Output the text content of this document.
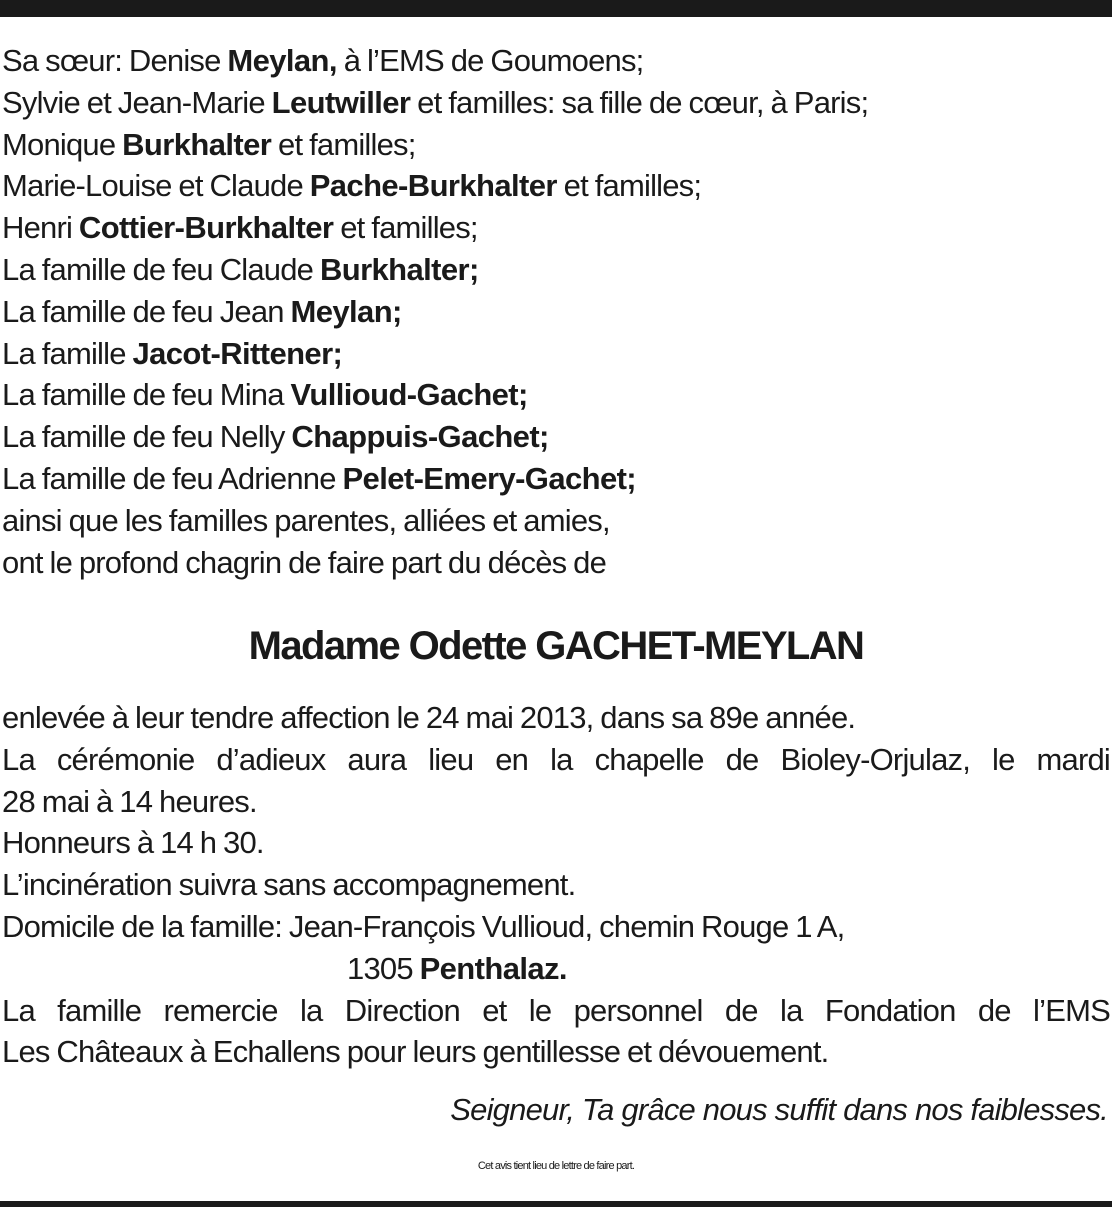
Sa sœur: Denise Meylan, à l’EMS de Goumoens;
Sylvie et Jean-Marie Leutwiller et familles: sa fille de cœur, à Paris;
Monique Burkhalter et familles;
Marie-Louise et Claude Pache-Burkhalter et familles;
Henri Cottier-Burkhalter et familles;
La famille de feu Claude Burkhalter;
La famille de feu Jean Meylan;
La famille Jacot-Rittener;
La famille de feu Mina Vullioud-Gachet;
La famille de feu Nelly Chappuis-Gachet;
La famille de feu Adrienne Pelet-Emery-Gachet;
ainsi que les familles parentes, alliées et amies,
ont le profond chagrin de faire part du décès de
Madame Odette GACHET-MEYLAN
enlevée à leur tendre affection le 24 mai 2013, dans sa 89e année.
La cérémonie d’adieux aura lieu en la chapelle de Bioley-Orjulaz, le mardi
28 mai à 14 heures.
Honneurs à 14 h 30.
L’incinération suivra sans accompagnement.
Domicile de la famille: Jean-François Vullioud, chemin Rouge 1 A,
1305 Penthalaz.
La famille remercie la Direction et le personnel de la Fondation de l’EMS
Les Châteaux à Echallens pour leurs gentillesse et dévouement.

Seigneur, Ta grâce nous suffit dans nos faiblesses.

Cet avis tient lieu de lettre de faire part.
